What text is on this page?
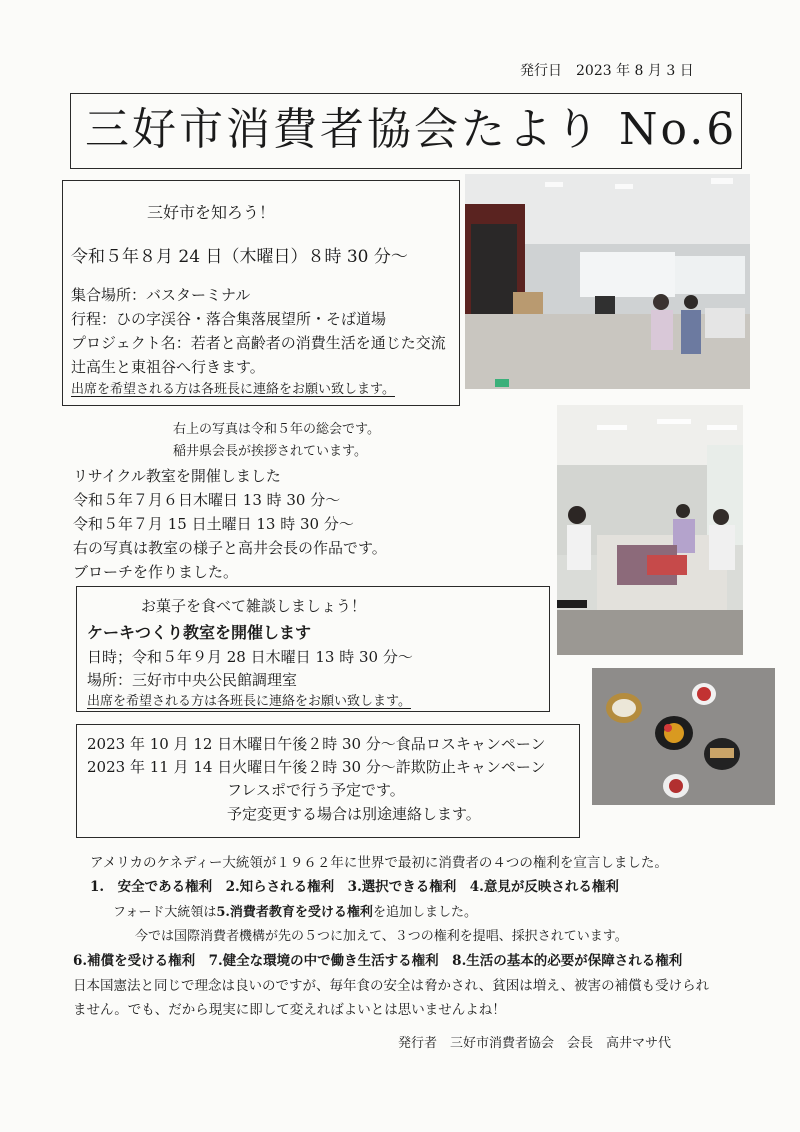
発行日　 2023 年 8 月 3 日
三好市消費者協会たより No.6
三好市を知ろう！
令和５年８月 24 日（木曜日）８時 30 分～
集合場所：バスターミナル
行程：ひの字渓谷・落合集落展望所・そば道場
プロジェクト名：若者と高齢者の消費生活を通じた交流
辻高生と東祖谷へ行きます。
出席を希望される方は各班長に連絡をお願い致します。
右上の写真は令和５年の総会です。
稲井県会長が挨拶されています。
リサイクル教室を開催しました
令和５年７月６日木曜日 13 時 30 分～
令和５年７月 15 日土曜日 13 時 30 分～
右の写真は教室の様子と高井会長の作品です。
ブローチを作りました。
お菓子を食べて雑談しましょう！
ケーキつくり教室を開催します
日時；令和５年９月 28 日木曜日 13 時 30 分～
場所：三好市中央公民館調理室
出席を希望される方は各班長に連絡をお願い致します。
2023 年 10 月 12 日木曜日午後２時 30 分～食品ロスキャンペーン
2023 年 11 月 14 日火曜日午後２時 30 分～詐欺防止キャンペーン
フレスポで行う予定です。
予定変更する場合は別途連絡します。
アメリカのケネディー大統領が１９６２年に世界で最初に消費者の４つの権利を宣言しました。
1.　安全である権利　2.知らされる権利　3.選択できる権利　4.意見が反映される権利
フォード大統領は5.消費者教育を受ける権利を追加しました。
今では国際消費者機構が先の５つに加えて、３つの権利を提唱、採択されています。
6.補償を受ける権利　7.健全な環境の中で働き生活する権利　8.生活の基本的必要が保障される権利
日本国憲法と同じで理念は良いのですが、毎年食の安全は脅かされ、貧困は増え、被害の補償も受けられ
ません。でも、だから現実に即して変えればよいとは思いませんよね！
発行者　三好市消費者協会　会長　高井マサ代
